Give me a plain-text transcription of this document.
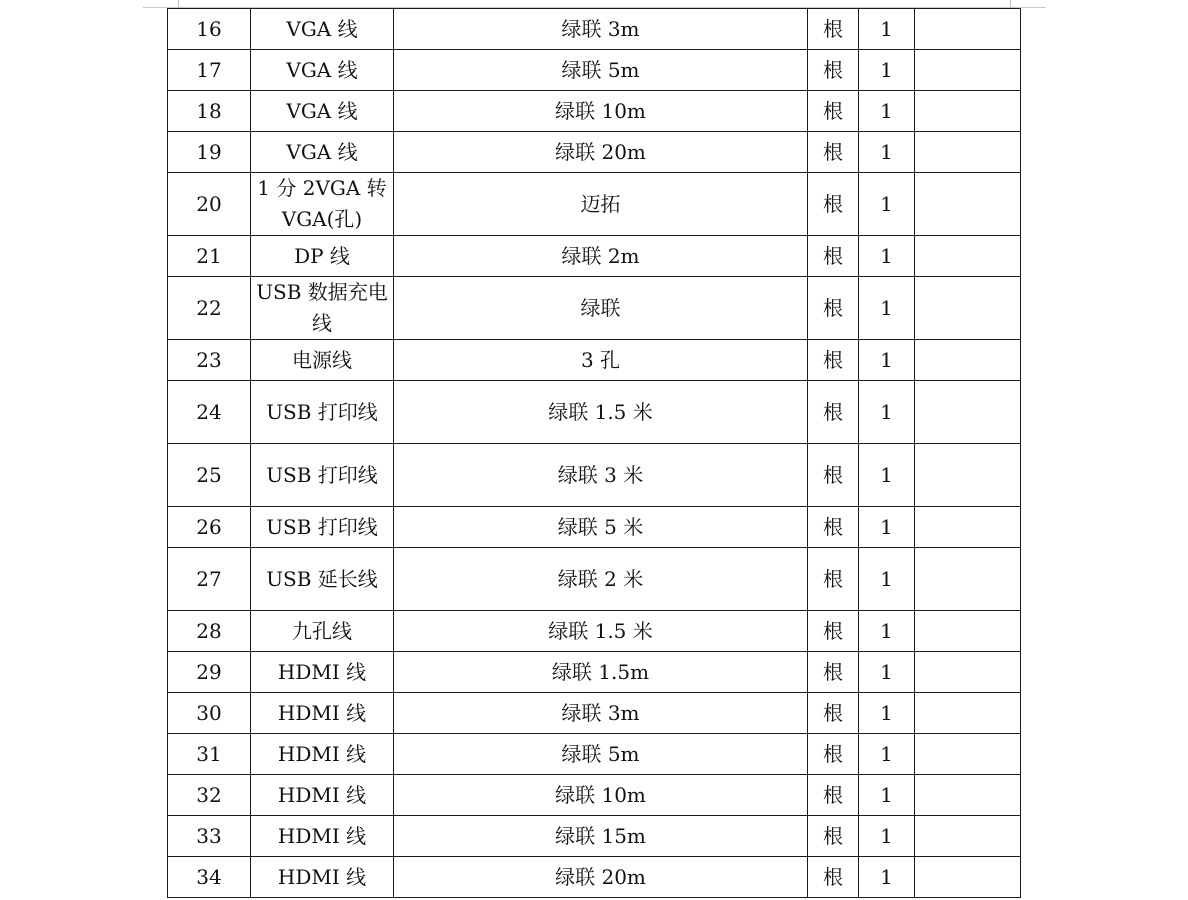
16	VGA 线	绿联 3m	根	1	
17	VGA 线	绿联 5m	根	1	
18	VGA 线	绿联 10m	根	1	
19	VGA 线	绿联 20m	根	1	
20	1 分 2VGA 转 VGA(孔)	迈拓	根	1	
21	DP 线	绿联 2m	根	1	
22	USB 数据充电线	绿联	根	1	
23	电源线	3 孔	根	1	
24	USB 打印线	绿联 1.5 米	根	1	
25	USB 打印线	绿联 3 米	根	1	
26	USB 打印线	绿联 5 米	根	1	
27	USB 延长线	绿联 2 米	根	1	
28	九孔线	绿联 1.5 米	根	1	
29	HDMI 线	绿联 1.5m	根	1	
30	HDMI 线	绿联 3m	根	1	
31	HDMI 线	绿联 5m	根	1	
32	HDMI 线	绿联 10m	根	1	
33	HDMI 线	绿联 15m	根	1	
34	HDMI 线	绿联 20m	根	1	
